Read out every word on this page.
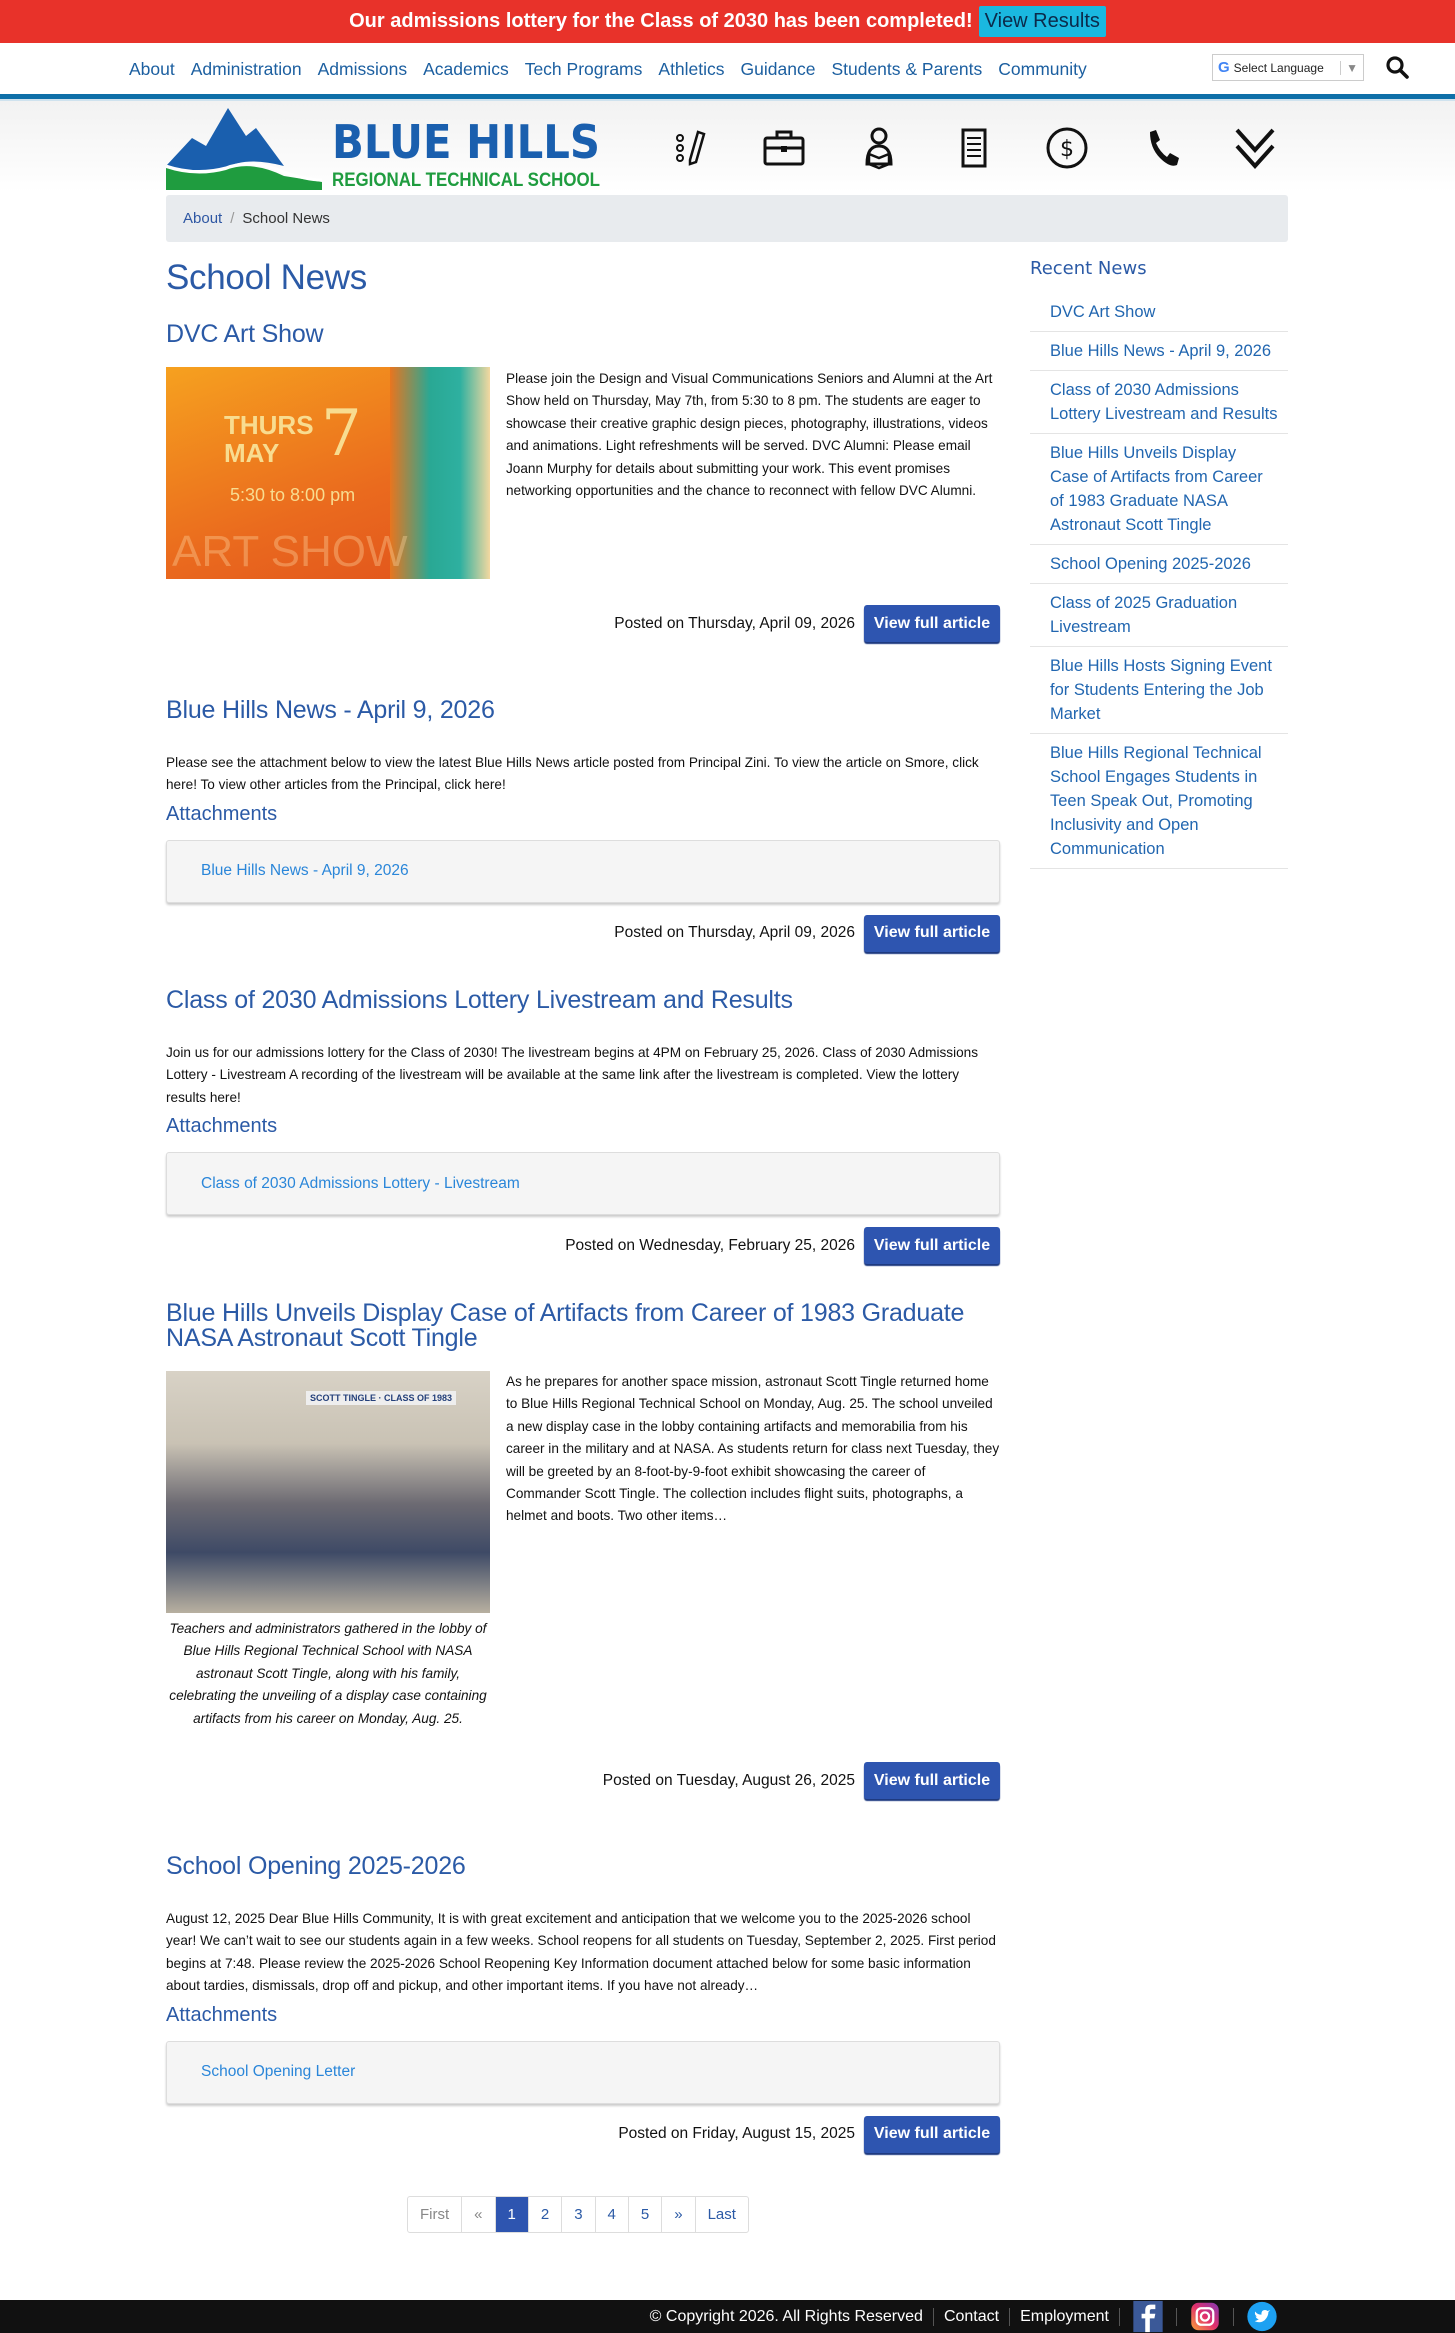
Our admissions lottery for the Class of 2030 has been completed! View Results
About Administration Admissions Academics Tech Programs Athletics Guidance Students & Parents Community	G Select Language	▼
BLUE HILLS
REGIONAL TECHNICAL SCHOOL
$
About / School News
School News
DVC Art Show
THURS
MAY 7
5:30 to 8:00 pm
ART SHOW

Please join the Design and Visual Communications Seniors and Alumni at the Art Show held on Thursday, May 7th, from 5:30 to 8 pm. The students are eager to showcase their creative graphic design pieces, photography, illustrations, videos and animations. Light refreshments will be served. DVC Alumni: Please email Joann Murphy for details about submitting your work. This event promises networking opportunities and the chance to reconnect with fellow DVC Alumni.

Posted on Thursday, April 09, 2026	View full article
Blue Hills News - April 9, 2026

Please see the attachment below to view the latest Blue Hills News article posted from Principal Zini. To view the article on Smore, click here! To view other articles from the Principal, click here!

Attachments
Blue Hills News - April 9, 2026
Posted on Thursday, April 09, 2026	View full article
Class of 2030 Admissions Lottery Livestream and Results

Join us for our admissions lottery for the Class of 2030! The livestream begins at 4PM on February 25, 2026. Class of 2030 Admissions Lottery - Livestream A recording of the livestream will be available at the same link after the livestream is completed. View the lottery results here!

Attachments
Class of 2030 Admissions Lottery - Livestream
Posted on Wednesday, February 25, 2026	View full article
Blue Hills Unveils Display Case of Artifacts from Career of 1983 Graduate NASA Astronaut Scott Tingle
SCOTT TINGLE · CLASS OF 1983

Teachers and administrators gathered in the lobby of Blue Hills Regional Technical School with NASA astronaut Scott Tingle, along with his family, celebrating the unveiling of a display case containing artifacts from his career on Monday, Aug. 25.

As he prepares for another space mission, astronaut Scott Tingle returned home to Blue Hills Regional Technical School on Monday, Aug. 25. The school unveiled a new display case in the lobby containing artifacts and memorabilia from his career in the military and at NASA. As students return for class next Tuesday, they will be greeted by an 8-foot-by-9-foot exhibit showcasing the career of Commander Scott Tingle. The collection includes flight suits, photographs, a helmet and boots. Two other items…

Posted on Tuesday, August 26, 2025	View full article
School Opening 2025-2026

August 12, 2025 Dear Blue Hills Community, It is with great excitement and anticipation that we welcome you to the 2025-2026 school year! We can’t wait to see our students again in a few weeks. School reopens for all students on Tuesday, September 2, 2025. First period begins at 7:48. Please review the 2025-2026 School Reopening Key Information document attached below for some basic information about tardies, dismissals, drop off and pickup, and other important items. If you have not already…

Attachments
School Opening Letter
Posted on Friday, August 15, 2025	View full article
Recent News
DVC Art Show
Blue Hills News - April 9, 2026
Class of 2030 Admissions Lottery Livestream and Results
Blue Hills Unveils Display Case of Artifacts from Career of 1983 Graduate NASA Astronaut Scott Tingle
School Opening 2025-2026
Class of 2025 Graduation Livestream
Blue Hills Hosts Signing Event for Students Entering the Job Market
Blue Hills Regional Technical School Engages Students in Teen Speak Out, Promoting Inclusivity and Open Communication
First	«	1	2	3	4	5	»	Last
© Copyright 2026. All Rights Reserved Contact Employment
